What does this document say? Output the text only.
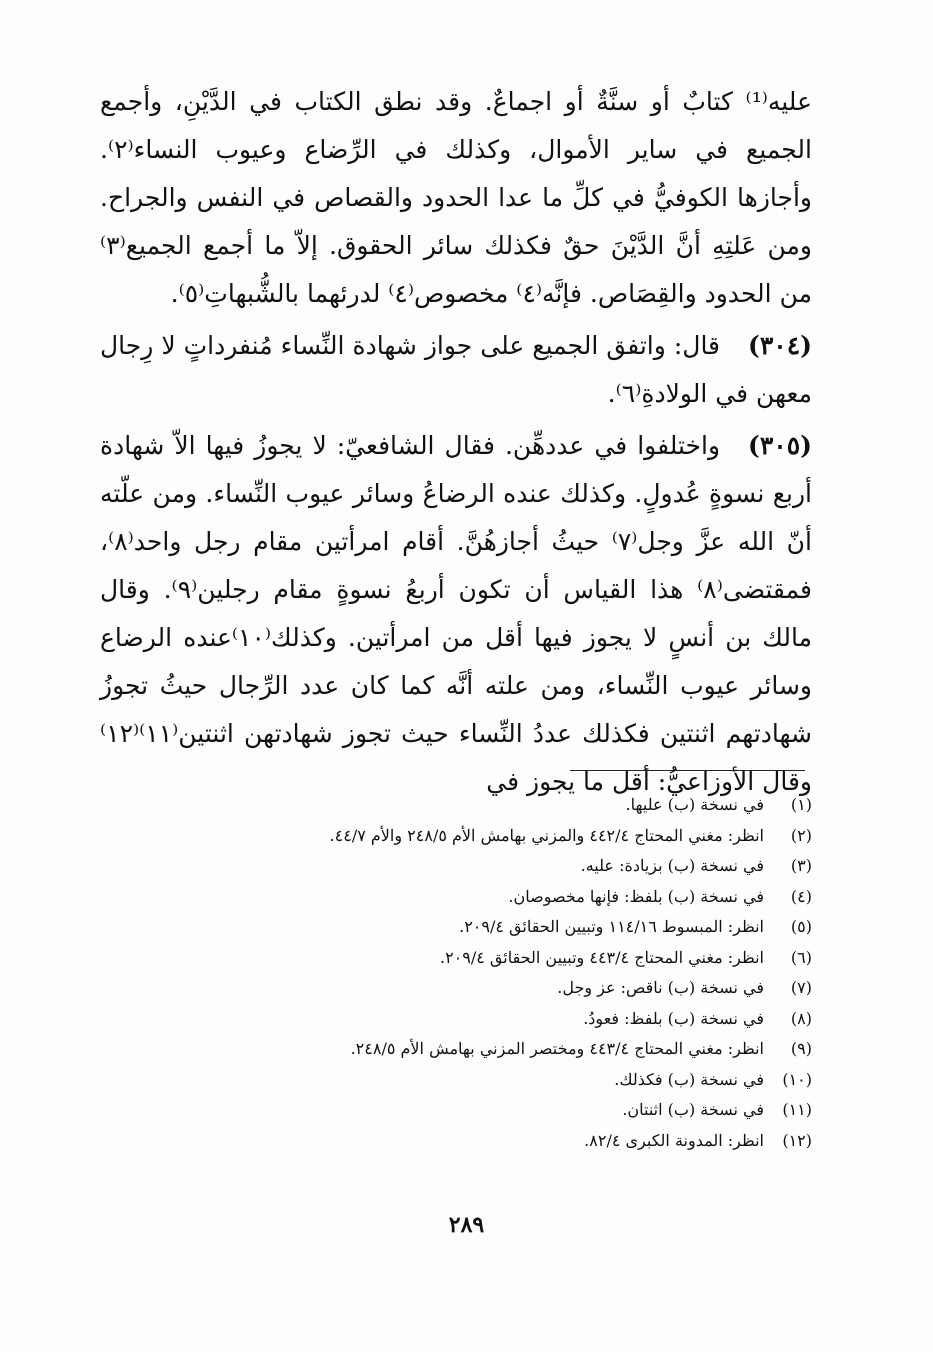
عليه⁽¹⁾ كتابٌ أو سنَّةٌ أو اجماعٌ. وقد نطق الكتاب في الدَّيْنِ، وأجمع الجميع في ساير الأموال، وكذلك في الرِّضاع وعيوب النساء⁽٢⁾. وأجازها الكوفيُّ في كلِّ ما عدا الحدود والقصاص في النفس والجراح. ومن عَلتِهِ أنَّ الدَّيْنَ حقٌ فكذلك سائر الحقوق. إلاّ ما أجمع الجميع⁽٣⁾ من الحدود والقِصَاص. فإنَّه⁽٤⁾ مخصوص⁽٤⁾ لدرئهما بالشُّبهاتِ⁽٥⁾.

(٣٠٤)قال: واتفق الجميع على جواز شهادة النِّساء مُنفرداتٍ لا رِجال معهن في الولادةِ⁽٦⁾.

(٣٠٥)واختلفوا في عددهِّن. فقال الشافعيّ: لا يجوزُ فيها الاّ شهادة أربع نسوةٍ عُدولٍ. وكذلك عنده الرضاعُ وسائر عيوب النِّساء. ومن علّته أنّ الله عزَّ وجل⁽٧⁾ حيثُ أجازهُنَّ. أقام امرأتين مقام رجل واحد⁽٨⁾، فمقتضى⁽٨⁾ هذا القياس أن تكون أربعُ نسوةٍ مقام رجلين⁽٩⁾. وقال مالك بن أنسٍ لا يجوز فيها أقل من امرأتين. وكذلك⁽١٠⁾عنده الرضاع وسائر عيوب النِّساء، ومن علته أنَّه كما كان عدد الرِّجال حيثُ تجوزُ شهادتهم اثنتين فكذلك عددُ النِّساء حيث تجوز شهادتهن اثنتين⁽١١⁾⁽١٢⁾وقال الأوزاعيُّ: أقل ما يجوز في

(١)
في نسخة (ب) عليها.
(٢)
انظر: مغني المحتاج ٤٤٢/٤ والمزني بهامش الأم ٢٤٨/٥ والأم ٤٤/٧.
(٣)
في نسخة (ب) بزيادة: عليه.
(٤)
في نسخة (ب) بلفظ: فإنها مخصوصان.
(٥)
انظر: المبسوط ١١٤/١٦ وتبيين الحقائق ٢٠٩/٤.
(٦)
انظر: مغني المحتاج ٤٤٣/٤ وتبيين الحقائق ٢٠٩/٤.
(٧)
في نسخة (ب) ناقص: عز وجل.
(٨)
في نسخة (ب) بلفظ: فعودُ.
(٩)
انظر: مغني المحتاج ٤٤٣/٤ ومختصر المزني بهامش الأم ٢٤٨/٥.
(١٠)
في نسخة (ب) فكذلك.
(١١)
في نسخة (ب) اثنتان.
(١٢)
انظر: المدونة الكبرى ٨٢/٤.
٢٨٩
